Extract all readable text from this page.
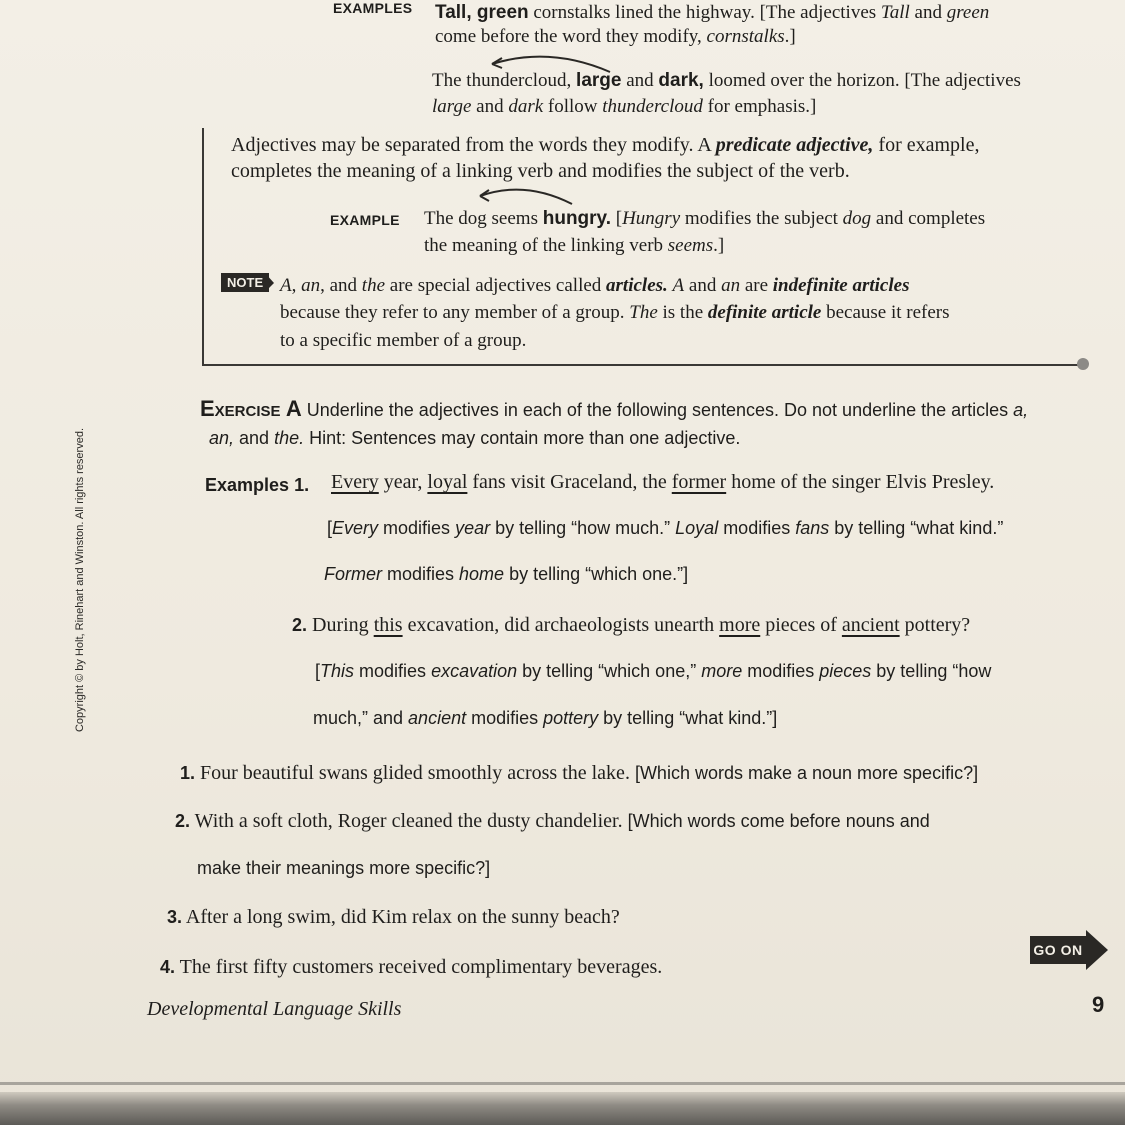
EXAMPLES Tall, green cornstalks lined the highway. [The adjectives Tall and green
come before the word they modify, cornstalks.]
The thundercloud, large and dark, loomed over the horizon. [The adjectives
large and dark follow thundercloud for emphasis.]
Adjectives may be separated from the words they modify. A predicate adjective, for example,
completes the meaning of a linking verb and modifies the subject of the verb.
EXAMPLE The dog seems hungry. [Hungry modifies the subject dog and completes
the meaning of the linking verb seems.]
NOTE A, an, and the are special adjectives called articles. A and an are indefinite articles
because they refer to any member of a group. The is the definite article because it refers
to a specific member of a group.
Exercise A Underline the adjectives in each of the following sentences. Do not underline the articles a,
an, and the. Hint: Sentences may contain more than one adjective.
Examples 1. Every year, loyal fans visit Graceland, the former home of the singer Elvis Presley.
[Every modifies year by telling “how much.” Loyal modifies fans by telling “what kind.”
Former modifies home by telling “which one.”]
2. During this excavation, did archaeologists unearth more pieces of ancient pottery?
[This modifies excavation by telling “which one,” more modifies pieces by telling “how
much,” and ancient modifies pottery by telling “what kind.”]
1. Four beautiful swans glided smoothly across the lake. [Which words make a noun more specific?]
2. With a soft cloth, Roger cleaned the dusty chandelier. [Which words come before nouns and
make their meanings more specific?]
3. After a long swim, did Kim relax on the sunny beach?
4. The first fifty customers received complimentary beverages.
GO ON
Developmental Language Skills	9
Copyright © by Holt, Rinehart and Winston. All rights reserved.
